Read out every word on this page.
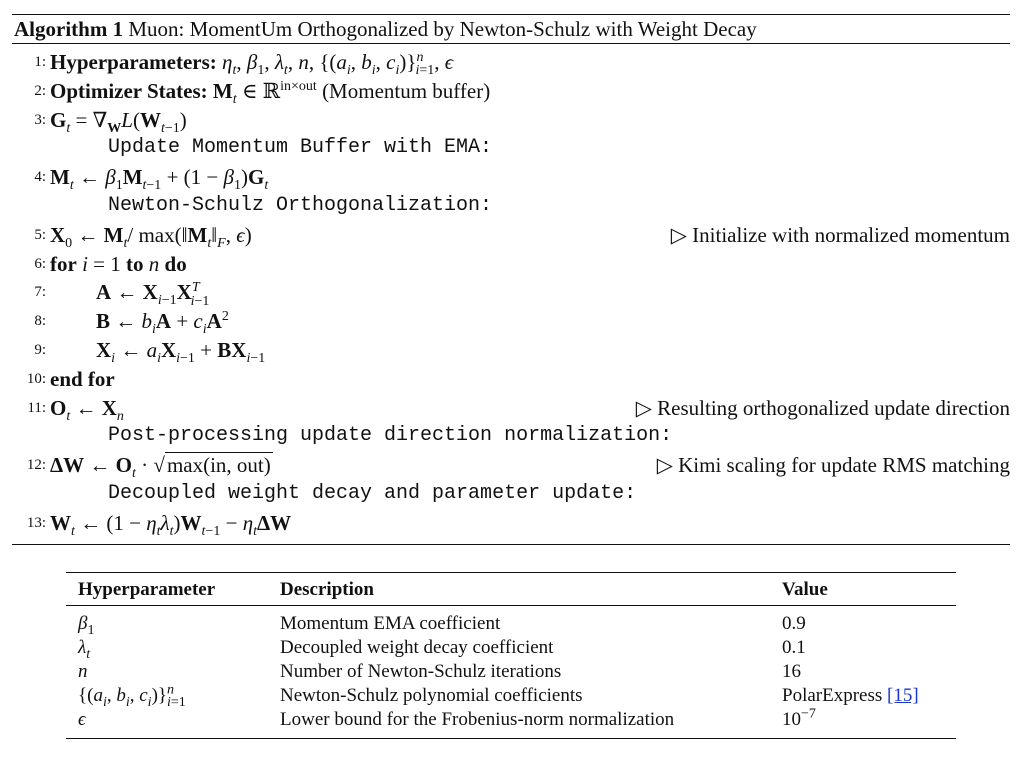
Algorithm 1 Muon: MomentUm Orthogonalized by Newton-Schulz with Weight Decay
1: Hyperparameters: $\eta_t$, $\beta_1$, $\lambda_t$, n, {($a_i$, $b_i$, $c_i)\}^n_{i=1}$, ϵ
2: Optimizer States: $M_t$ ∈ ℝ$^{in\times out}$ (Momentum buffer)
3: $G_t = \nabla_WL(W_{t-1})$
Update Momentum Buffer with EMA:
4: $M_t$ ← $\beta_1M_{t-1} + (1 - \beta_1)G_t$
Newton-Schulz Orthogonalization:
5: $X_0$ ← $M_t/$ $\max(‖M_t‖_F$, ϵ)	▷ Initialize with normalized momentum
6: for i = 1 to n do
7: A ← $X_{i-1}X^T_{i-1}$
8: B ← $b_iA + c_iA^2$
9: $X_i$ ← $a_iX_{i-1} + BX_{i-1}$
10: end for
11: $O_t$ ← $X_n$	▷ Resulting orthogonalized update direction
Post-processing update direction normalization:
12: ΔW ← $O_t \cdot √\max(in$, out)	▷ Kimi scaling for update RMS matching
Decoupled weight decay and parameter update:
13: $W_t$ ← $(1 - \eta_t\lambda_t)W_{t-1} - \eta_t\Delta W$
Hyperparameter	Description	Value
$\beta_1$	Momentum EMA coefficient	0.9
$\lambda_t$	Decoupled weight decay coefficient	0.1
n	Number of Newton-Schulz iterations	16
{($a_i$, $b_i$, $c_i)\}^n_{i=1}$	Newton-Schulz polynomial coefficients	PolarExpress [15]
ϵ	Lower bound for the Frobenius-norm normalization	$10^{-7}$
